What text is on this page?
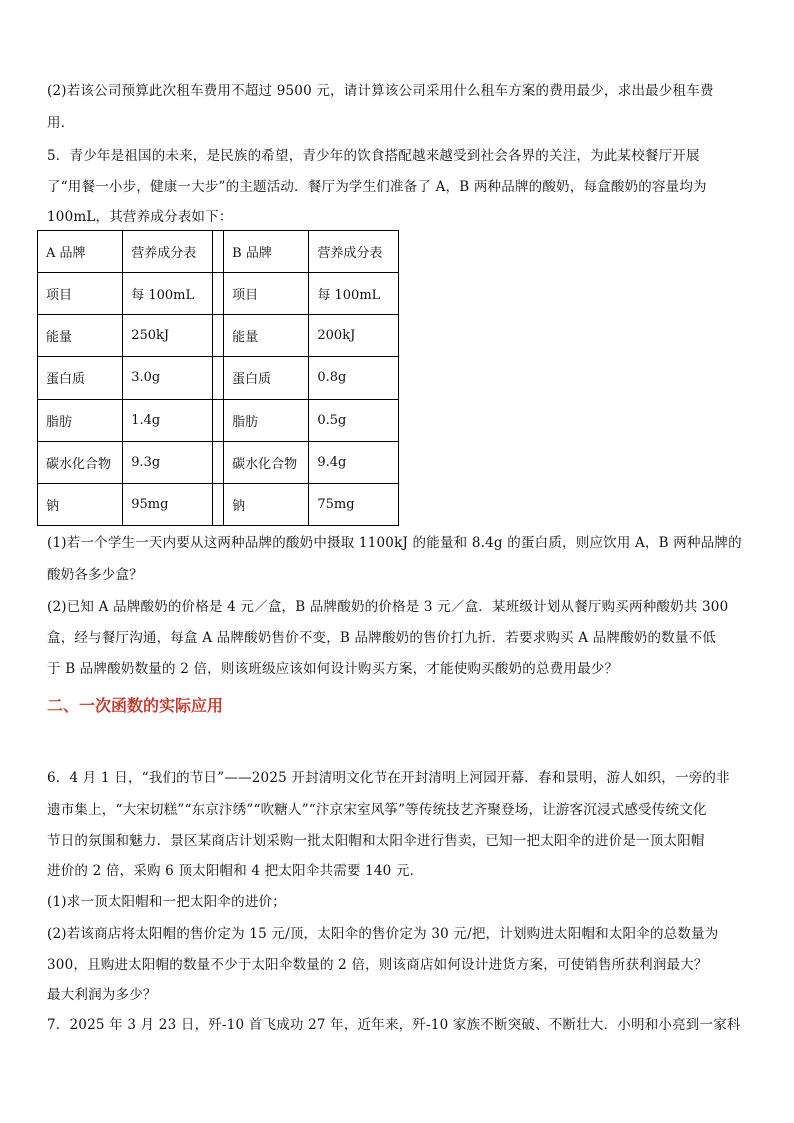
(2)若该公司预算此次租车费用不超过 9500 元，请计算该公司采用什么租车方案的费用最少，求出最少租车费
用．
5．青少年是祖国的未来，是民族的希望，青少年的饮食搭配越来越受到社会各界的关注，为此某校餐厅开展
了“用餐一小步，健康一大步”的主题活动．餐厅为学生们准备了 A，B 两种品牌的酸奶，每盒酸奶的容量均为
100mL，其营养成分表如下：
A 品牌	营养成分表		B 品牌	营养成分表
项目	每 100mL		项目	每 100mL
能量	250kJ		能量	200kJ
蛋白质	3.0g		蛋白质	0.8g
脂肪	1.4g		脂肪	0.5g
碳水化合物	9.3g		碳水化合物	9.4g
钠	95mg		钠	75mg
(1)若一个学生一天内要从这两种品牌的酸奶中摄取 1100kJ 的能量和 8.4g 的蛋白质，则应饮用 A，B 两种品牌的
酸奶各多少盒？
(2)已知 A 品牌酸奶的价格是 4 元／盒，B 品牌酸奶的价格是 3 元／盒．某班级计划从餐厅购买两种酸奶共 300
盒，经与餐厅沟通，每盒 A 品牌酸奶售价不变，B 品牌酸奶的售价打九折．若要求购买 A 品牌酸奶的数量不低
于 B 品牌酸奶数量的 2 倍，则该班级应该如何设计购买方案，才能使购买酸奶的总费用最少？
二、一次函数的实际应用
6．4 月 1 日，“我们的节日”——2025 开封清明文化节在开封清明上河园开幕．春和景明，游人如织，一旁的非
遗市集上，“大宋切糕”“东京汴绣”“吹糖人”“汴京宋室风筝”等传统技艺齐聚登场，让游客沉浸式感受传统文化
节日的氛围和魅力．景区某商店计划采购一批太阳帽和太阳伞进行售卖，已知一把太阳伞的进价是一顶太阳帽
进价的 2 倍，采购 6 顶太阳帽和 4 把太阳伞共需要 140 元．
(1)求一顶太阳帽和一把太阳伞的进价；
(2)若该商店将太阳帽的售价定为 15 元/顶，太阳伞的售价定为 30 元/把，计划购进太阳帽和太阳伞的总数量为
300，且购进太阳帽的数量不少于太阳伞数量的 2 倍，则该商店如何设计进货方案，可使销售所获利润最大？
最大利润为多少？
7．2025 年 3 月 23 日，歼-10 首飞成功 27 年，近年来，歼-10 家族不断突破、不断壮大．小明和小亮到一家科
